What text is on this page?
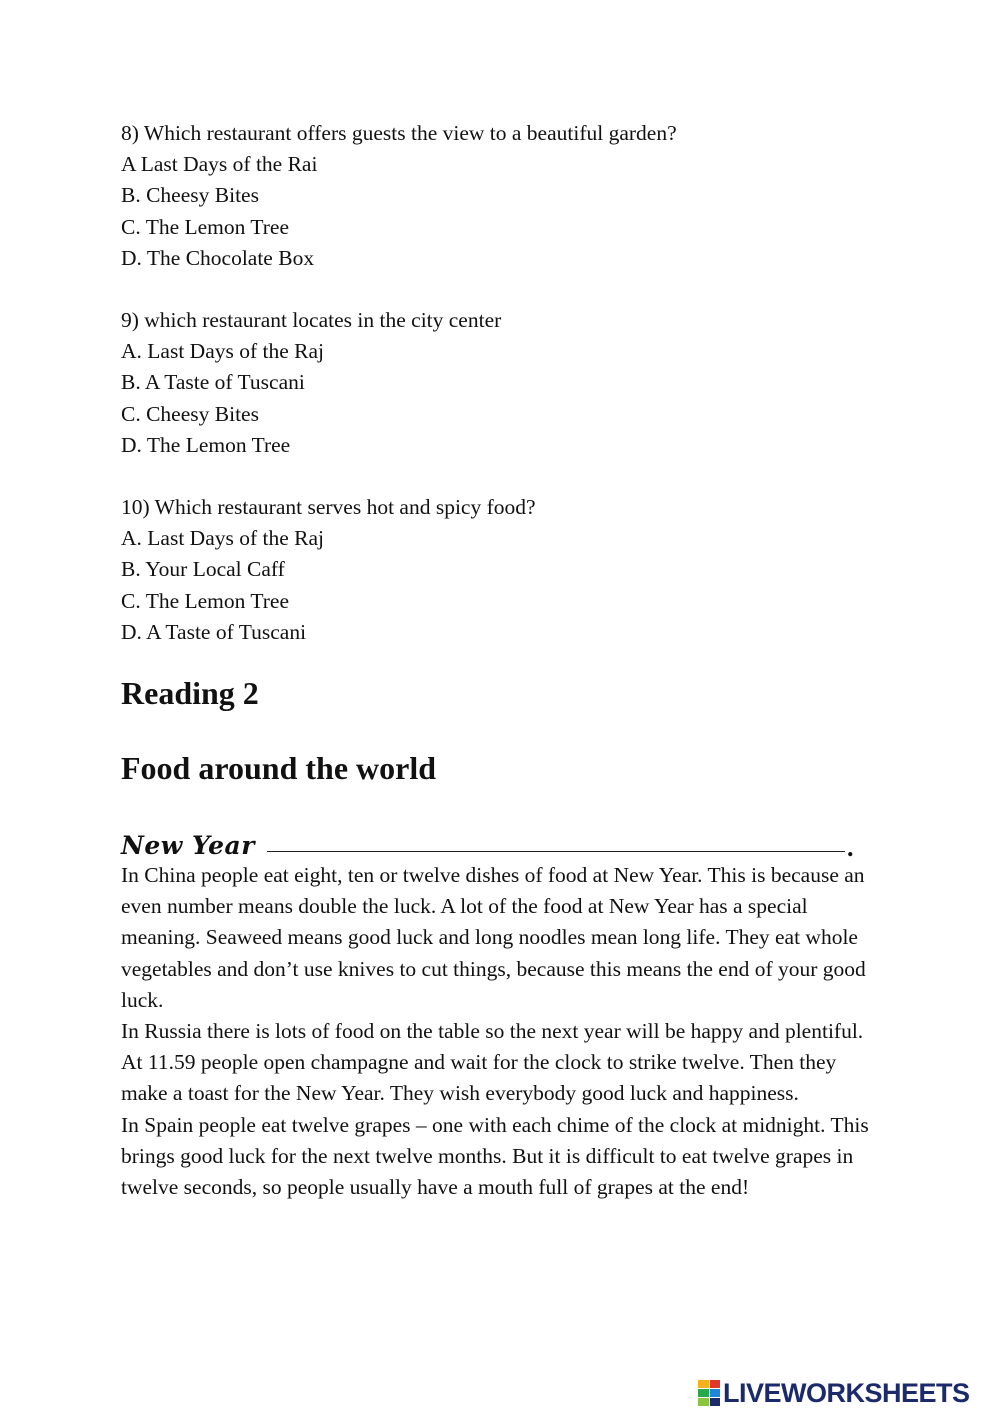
8) Which restaurant offers guests the view to a beautiful garden?
A Last Days of the Rai
B. Cheesy Bites
C. The Lemon Tree
D. The Chocolate Box
9) which restaurant locates in the city center
A. Last Days of the Raj
B. A Taste of Tuscani
C. Cheesy Bites
D. The Lemon Tree
10) Which restaurant serves hot and spicy food?
A. Last Days of the Raj
B. Your Local Caff
C. The Lemon Tree
D. A Taste of Tuscani
Reading 2
Food around the world
New Year	.

In China people eat eight, ten or twelve dishes of food at New Year. This is because an even number means double the luck. A lot of the food at New Year has a special meaning. Seaweed means good luck and long noodles mean long life. They eat whole vegetables and don’t use knives to cut things, because this means the end of your good luck.

In Russia there is lots of food on the table so the next year will be happy and plentiful. At 11.59 people open champagne and wait for the clock to strike twelve. Then they make a toast for the New Year. They wish everybody good luck and happiness.

In Spain people eat twelve grapes – one with each chime of the clock at midnight. This brings good luck for the next twelve months. But it is difficult to eat twelve grapes in twelve seconds, so people usually have a mouth full of grapes at the end!

LIVEWORKSHEETS
